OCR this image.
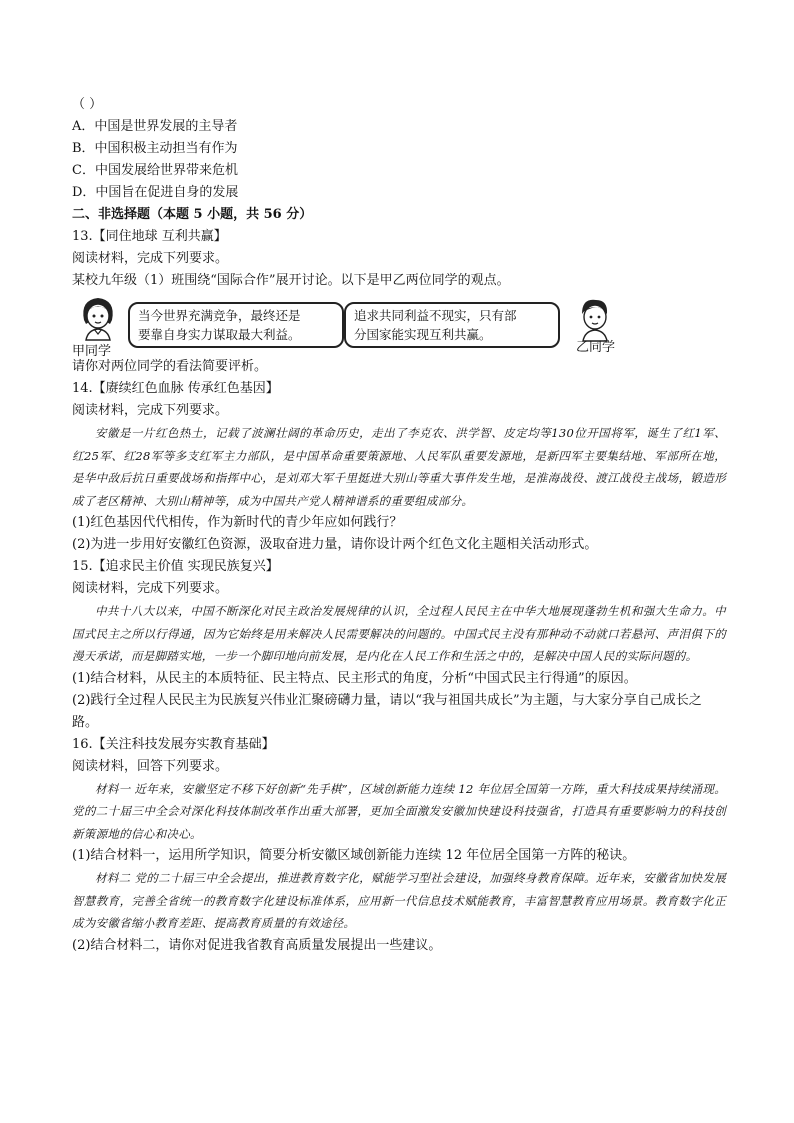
（ ）
A．中国是世界发展的主导者
B．中国积极主动担当有作为
C．中国发展给世界带来危机
D．中国旨在促进自身的发展
二、非选择题（本题 5 小题，共 56 分）
13.【同住地球 互利共赢】
阅读材料，完成下列要求。
某校九年级（1）班围绕“国际合作”展开讨论。以下是甲乙两位同学的观点。
当今世界充满竞争，最终还是
要靠自身实力谋取最大利益。
追求共同利益不现实，只有部
分国家能实现互利共赢。
甲同学	乙同学
请你对两位同学的看法简要评析。
14.【赓续红色血脉 传承红色基因】
阅读材料，完成下列要求。

安徽是一片红色热土，记载了波澜壮阔的革命历史，走出了李克农、洪学智、皮定均等130位开国将军，诞生了红1军、红25军、红28军等多支红军主力部队，是中国革命重要策源地、人民军队重要发源地，是新四军主要集结地、军部所在地，是华中敌后抗日重要战场和指挥中心，是刘邓大军千里挺进大别山等重大事件发生地，是淮海战役、渡江战役主战场，锻造形成了老区精神、大别山精神等，成为中国共产党人精神谱系的重要组成部分。

(1)红色基因代代相传，作为新时代的青少年应如何践行？
(2)为进一步用好安徽红色资源，汲取奋进力量，请你设计两个红色文化主题相关活动形式。
15.【追求民主价值 实现民族复兴】
阅读材料，完成下列要求。

中共十八大以来，中国不断深化对民主政治发展规律的认识，全过程人民民主在中华大地展现蓬勃生机和强大生命力。中国式民主之所以行得通，因为它始终是用来解决人民需要解决的问题的。中国式民主没有那种动不动就口若悬河、声泪俱下的漫天承诺，而是脚踏实地，一步一个脚印地向前发展，是内化在人民工作和生活之中的，是解决中国人民的实际问题的。

(1)结合材料，从民主的本质特征、民主特点、民主形式的角度，分析“中国式民主行得通”的原因。
(2)践行全过程人民民主为民族复兴伟业汇聚磅礴力量，请以“我与祖国共成长”为主题，与大家分享自己成长之路。
16.【关注科技发展夯实教育基础】
阅读材料，回答下列要求。

材料一 近年来，安徽坚定不移下好创新“先手棋”，区域创新能力连续 12 年位居全国第一方阵，重大科技成果持续涌现。党的二十届三中全会对深化科技体制改革作出重大部署，更加全面激发安徽加快建设科技强省，打造具有重要影响力的科技创新策源地的信心和决心。

(1)结合材料一，运用所学知识，简要分析安徽区域创新能力连续 12 年位居全国第一方阵的秘诀。

材料二 党的二十届三中全会提出，推进教育数字化，赋能学习型社会建设，加强终身教育保障。近年来，安徽省加快发展智慧教育，完善全省统一的教育数字化建设标准体系，应用新一代信息技术赋能教育，丰富智慧教育应用场景。教育数字化正成为安徽省缩小教育差距、提高教育质量的有效途径。

(2)结合材料二，请你对促进我省教育高质量发展提出一些建议。
